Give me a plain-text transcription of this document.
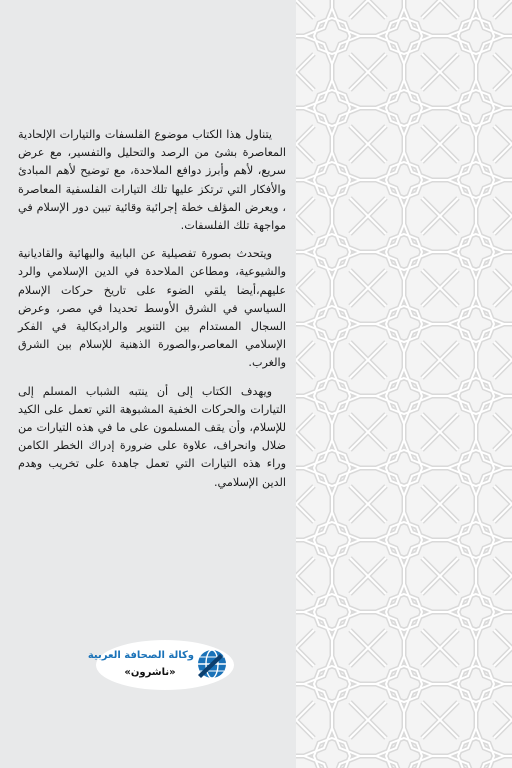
يتناول هذا الكتاب موضوع الفلسفات والتيارات الإلحادية المعاصرة بشئ من الرصد والتحليل والتفسير، مع عرض سريع، لأهم وأبرز دوافع الملاحدة، مع توضيح لأهم المبادئ والأفكار التي ترتكز عليها تلك التيارات الفلسفية المعاصرة ، ويعرض المؤلف خطة إجرائية وقائية تبين دور الإسلام في مواجهة تلك الفلسفات.

ويتحدث بصورة تفصيلية عن البابية والبهائية والقاديانية والشيوعية، ومطاعن الملاحدة في الدين الإسلامي والرد عليهم،أيضا يلقي الضوء على تاريخ حركات الإسلام السياسي في الشرق الأوسط تحديدا في مصر، وعرض السجال المستدام بين التنوير والراديكالية في الفكر الإسلامي المعاصر،والصورة الذهنية للإسلام بين الشرق والغرب.

ويهدف الكتاب إلى أن ينتبه الشباب المسلم إلى التيارات والحركات الخفية المشبوهة التي تعمل على الكيد للإسلام، وأن يقف المسلمون على ما في هذه التيارات من ضلال وانحراف، علاوة على ضرورة إدراك الخطر الكامن وراء هذه التيارات التي تعمل جاهدة على تخريب وهدم الدين الإسلامي.

وكالة الصحافة العربية
«ناشرون»
